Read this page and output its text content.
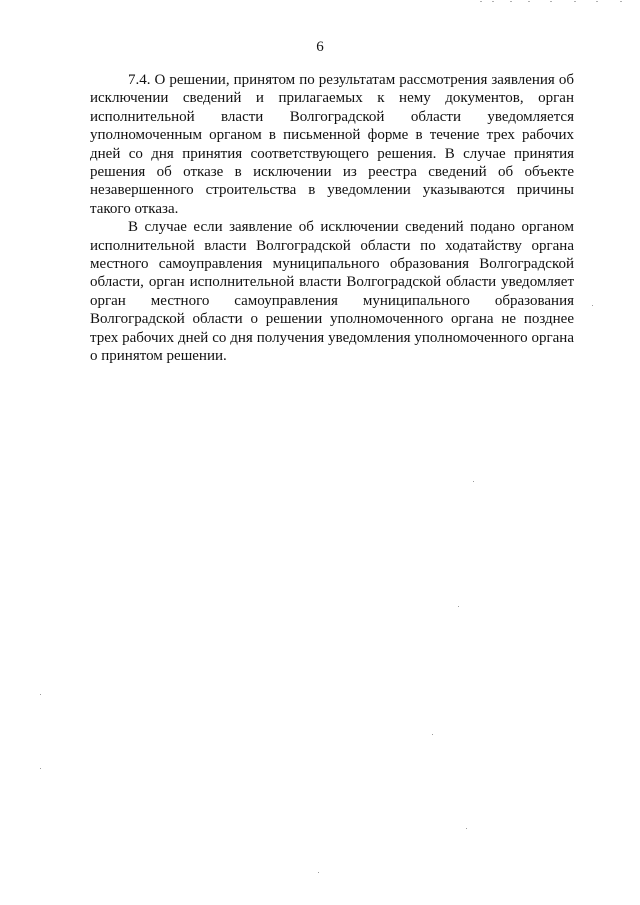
6

7.4. О решении, принятом по результатам рассмотрения заявления об исключении сведений и прилагаемых к нему документов, орган исполнительной власти Волгоградской области уведомляется уполномоченным органом в письменной форме в течение трех рабочих дней со дня принятия соответствующего решения. В случае принятия решения об отказе в исключении из реестра сведений об объекте незавершенного строительства в уведомлении указываются причины такого отказа.

В случае если заявление об исключении сведений подано органом исполнительной власти Волгоградской области по ходатайству органа местного самоуправления муниципального образования Волгоградской области, орган исполнительной власти Волгоградской области уведомляет орган местного самоуправления муниципального образования Волгоградской области о решении уполномоченного органа не позднее трех рабочих дней со дня получения уведомления уполномоченного органа о принятом решении.
